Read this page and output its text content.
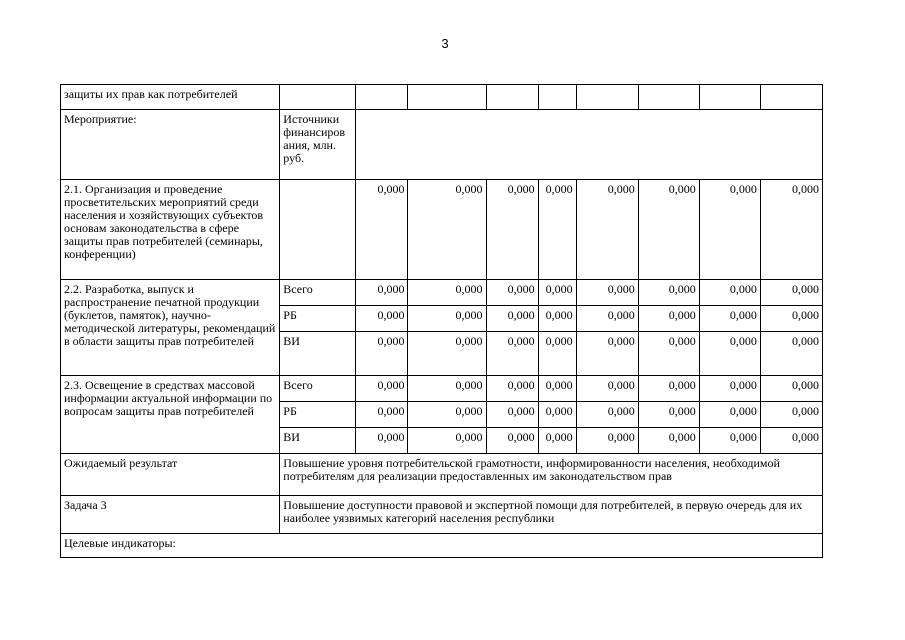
3
защиты их прав как потребителей									
Мероприятие:	Источники финансиров ания, млн. руб.								
2.1. Организация и проведение просветительских мероприятий среди населения и хозяйствующих субъектов основам законодательства в сфере защиты прав потребителей (семинары, конференции)		0,000	0,000	0,000	0,000	0,000	0,000	0,000	0,000
2.2. Разработка, выпуск и распространение печатной продукции (буклетов, памяток), научно-методической литературы, рекомендаций в области защиты прав потребителей	Всего	0,000	0,000	0,000	0,000	0,000	0,000	0,000	0,000
	РБ	0,000	0,000	0,000	0,000	0,000	0,000	0,000	0,000
	ВИ	0,000	0,000	0,000	0,000	0,000	0,000	0,000	0,000
2.3. Освещение в средствах массовой информации актуальной информации по вопросам защиты прав потребителей	Всего	0,000	0,000	0,000	0,000	0,000	0,000	0,000	0,000
	РБ	0,000	0,000	0,000	0,000	0,000	0,000	0,000	0,000
	ВИ	0,000	0,000	0,000	0,000	0,000	0,000	0,000	0,000
Ожидаемый результат	Повышение уровня потребительской грамотности, информированности населения, необходимой потребителям для реализации предоставленных им законодательством прав								
Задача 3	Повышение доступности правовой и экспертной помощи для потребителей, в первую очередь для их наиболее уязвимых категорий населения республики								
Целевые индикаторы:									
